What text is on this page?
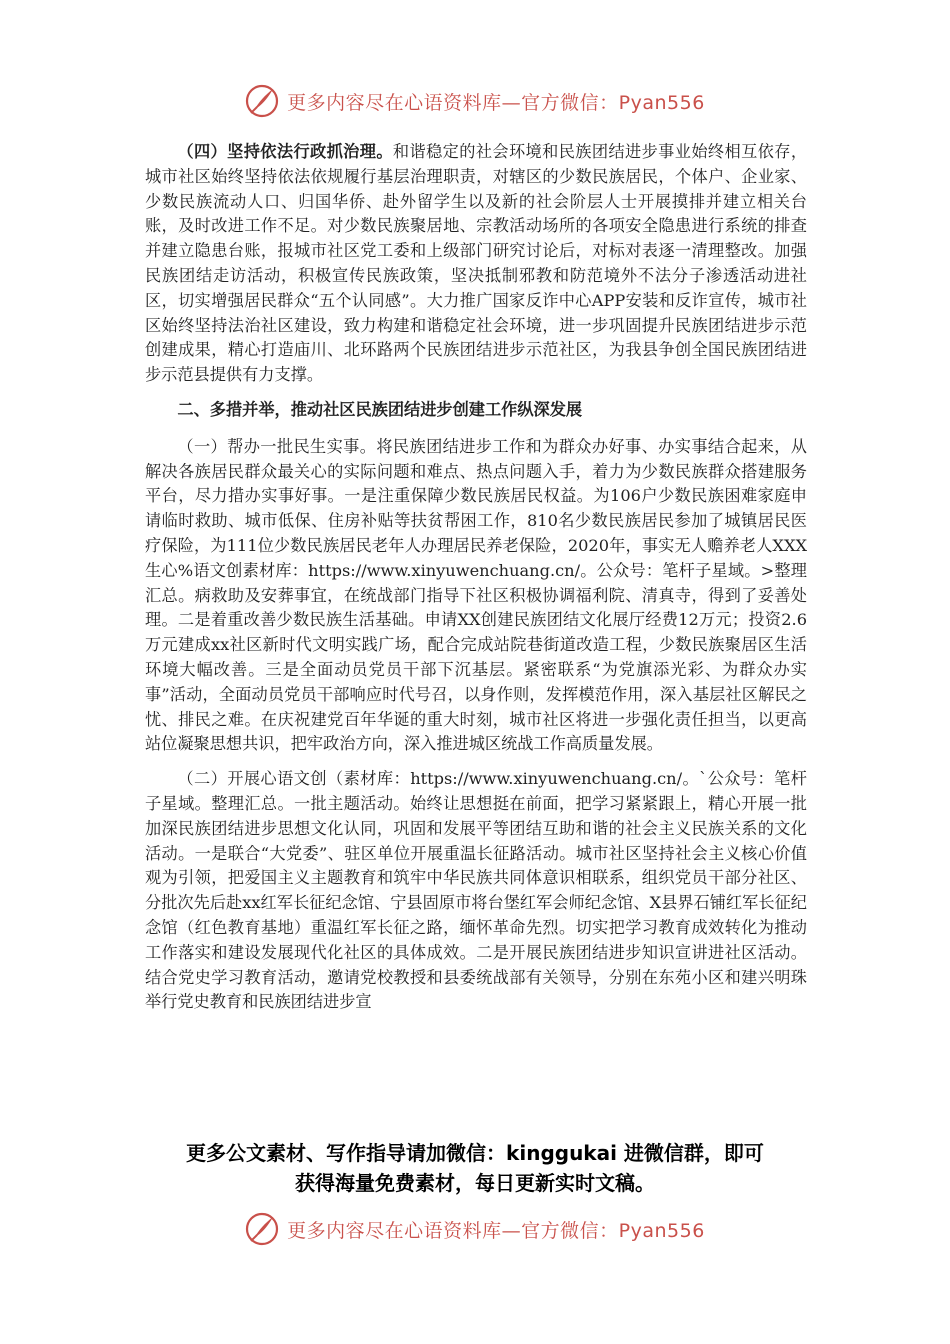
更多内容尽在心语资料库—官方微信：Pyan556

（四）坚持依法行政抓治理。和谐稳定的社会环境和民族团结进步事业始终相互依存，城市社区始终坚持依法依规履行基层治理职责，对辖区的少数民族居民，个体户、企业家、少数民族流动人口、归国华侨、赴外留学生以及新的社会阶层人士开展摸排并建立相关台账，及时改进工作不足。对少数民族聚居地、宗教活动场所的各项安全隐患进行系统的排查并建立隐患台账，报城市社区党工委和上级部门研究讨论后，对标对表逐一清理整改。加强民族团结走访活动，积极宣传民族政策，坚决抵制邪教和防范境外不法分子渗透活动进社区，切实增强居民群众“五个认同感”。大力推广国家反诈中心APP安装和反诈宣传，城市社区始终坚持法治社区建设，致力构建和谐稳定社会环境，进一步巩固提升民族团结进步示范创建成果，精心打造庙川、北环路两个民族团结进步示范社区，为我县争创全国民族团结进步示范县提供有力支撑。

二、多措并举，推动社区民族团结进步创建工作纵深发展

（一）帮办一批民生实事。将民族团结进步工作和为群众办好事、办实事结合起来，从解决各族居民群众最关心的实际问题和难点、热点问题入手，着力为少数民族群众搭建服务平台，尽力措办实事好事。一是注重保障少数民族居民权益。为106户少数民族困难家庭申请临时救助、城市低保、住房补贴等扶贫帮困工作，810名少数民族居民参加了城镇居民医疗保险，为111位少数民族居民老年人办理居民养老保险，2020年，事实无人赡养老人XXX生心%语文创素材库：https://www.xinyuwenchuang.cn/。公众号：笔杆子星域。>整理汇总。病救助及安葬事宜，在统战部门指导下社区积极协调福利院、清真寺，得到了妥善处理。二是着重改善少数民族生活基础。申请XX创建民族团结文化展厅经费12万元；投资2.6万元建成xx社区新时代文明实践广场，配合完成站院巷街道改造工程，少数民族聚居区生活环境大幅改善。三是全面动员党员干部下沉基层。紧密联系“为党旗添光彩、为群众办实事”活动，全面动员党员干部响应时代号召，以身作则，发挥模范作用，深入基层社区解民之忧、排民之难。在庆祝建党百年华诞的重大时刻，城市社区将进一步强化责任担当，以更高站位凝聚思想共识，把牢政治方向，深入推进城区统战工作高质量发展。

（二）开展心语文创（素材库：https://www.xinyuwenchuang.cn/。`公众号：笔杆子星域。整理汇总。一批主题活动。始终让思想挺在前面，把学习紧紧跟上，精心开展一批加深民族团结进步思想文化认同，巩固和发展平等团结互助和谐的社会主义民族关系的文化活动。一是联合“大党委”、驻区单位开展重温长征路活动。城市社区坚持社会主义核心价值观为引领，把爱国主义主题教育和筑牢中华民族共同体意识相联系，组织党员干部分社区、分批次先后赴xx红军长征纪念馆、宁县固原市将台堡红军会师纪念馆、X县界石铺红军长征纪念馆（红色教育基地）重温红军长征之路，缅怀革命先烈。切实把学习教育成效转化为推动工作落实和建设发展现代化社区的具体成效。二是开展民族团结进步知识宣讲进社区活动。结合党史学习教育活动，邀请党校教授和县委统战部有关领导，分别在东苑小区和建兴明珠举行党史教育和民族团结进步宣

更多公文素材、写作指导请加微信：kinggukai 进微信群，即可
获得海量免费素材，每日更新实时文稿。
更多内容尽在心语资料库—官方微信：Pyan556
